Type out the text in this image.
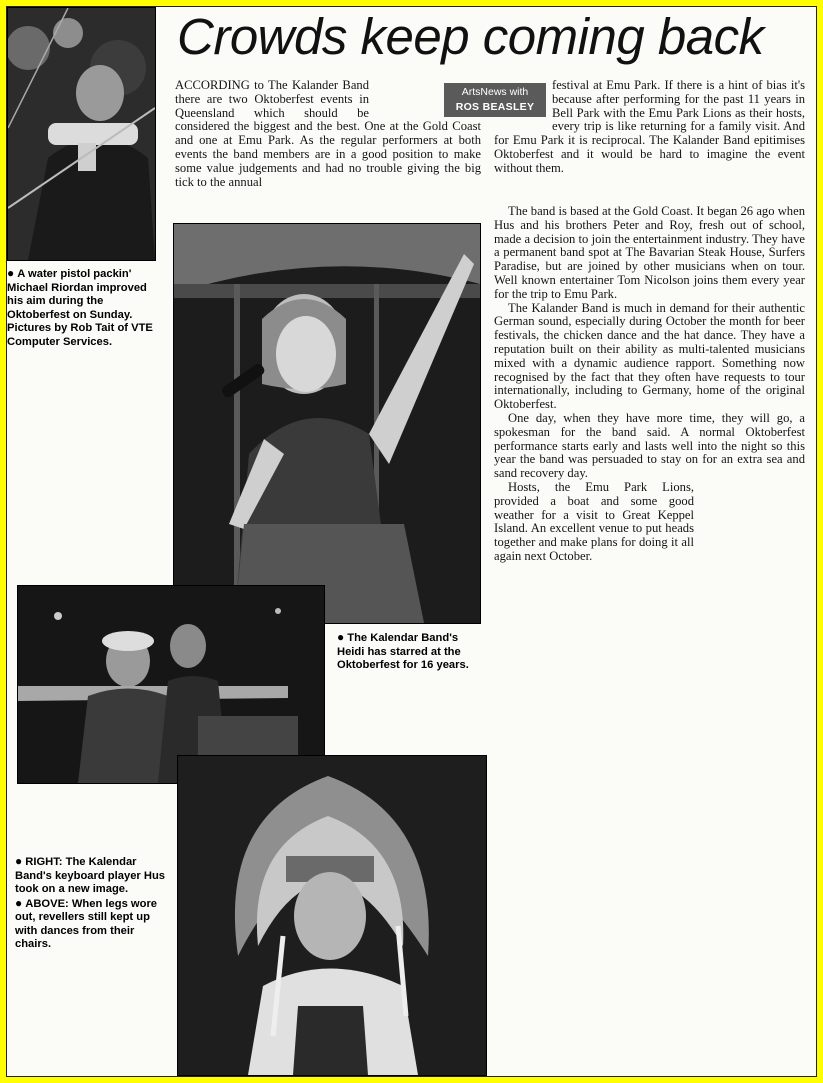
● A water pistol packin' Michael Riordan improved his aim during the Oktoberfest on Sunday. Pictures by Rob Tait of VTE Computer Services.

Crowds keep coming back

ACCORDING to The Kalander Band there are two Oktoberfest events in Queensland which should be considered the biggest and the best. One at the Gold Coast and one at Emu Park. As the regular performers at both events the band members are in a good position to make some value judgements and had no trouble giving the big tick to the annual

ArtsNews with
ROS BEASLEY

festival at Emu Park. If there is a hint of bias it's because after performing for the past 11 years in Bell Park with the Emu Park Lions as their hosts, every trip is like returning for a family visit. And for Emu Park it is reciprocal. The Kalander Band epitimises Oktoberfest and it would be hard to imagine the event without them.

The band is based at the Gold Coast. It began 26 ago when Hus and his brothers Peter and Roy, fresh out of school, made a decision to join the entertainment industry. They have a permanent band spot at The Bavarian Steak House, Surfers Paradise, but are joined by other musicians when on tour. Well known entertainer Tom Nicolson joins them every year for the trip to Emu Park.

The Kalander Band is much in demand for their authentic German sound, especially during October the month for beer festivals, the chicken dance and the hat dance. They have a reputation built on their ability as multi-talented musicians mixed with a dynamic audience rapport. Something now recognised by the fact that they often have requests to tour internationally, including to Germany, home of the original Oktoberfest.

One day, when they have more time, they will go, a spokesman for the band said. A normal Oktoberfest performance starts early and lasts well into the night so this year the band was persuaded to stay on for an extra sea and sand recovery day.

Hosts, the Emu Park Lions, provided a boat and some good weather for a visit to Great Keppel Island. An excellent venue to put heads together and make plans for doing it all again next October.

● The Kalendar Band's Heidi has starred at the Oktoberfest for 16 years.

● RIGHT: The Kalendar Band's keyboard player Hus took on a new image.

● ABOVE: When legs wore out, revellers still kept up with dances from their chairs.
